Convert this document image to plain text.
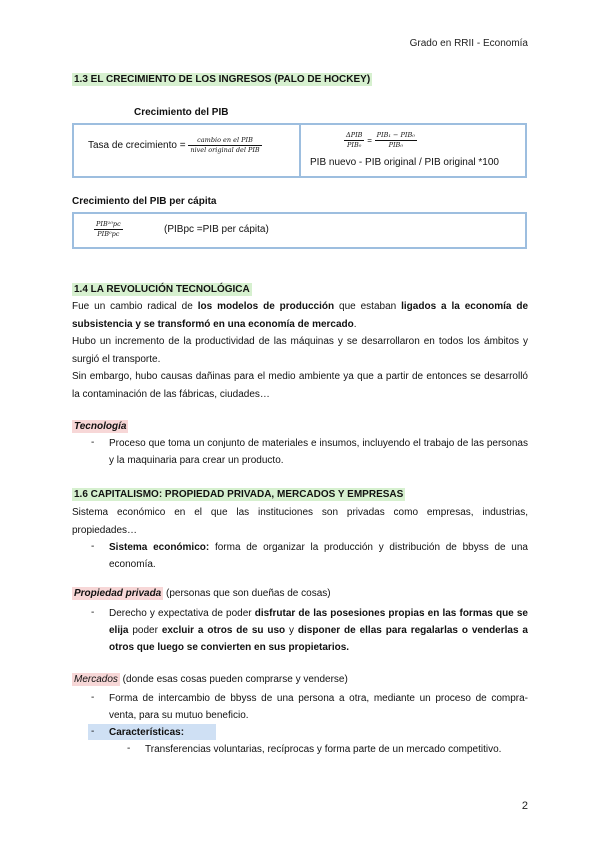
Grado en RRII - Economía
1.3 EL CRECIMIENTO DE LOS INGRESOS (PALO DE HOCKEY)
Crecimiento del PIB
Tasa de crecimiento = $\frac{\text{cambio en el PIB}}{\text{nivel original del PIB}}$	$\frac{\text{ΔPIB}}{\text{PIB₀}} = \frac{\text{PIB₁ − PIB₀}}{\text{PIB₀}}$
PIB nuevo - PIB original / PIB original *100
Crecimiento del PIB per cápita
$\frac{\text{PIB¹⁰pc}}{\text{PIB⁰pc}}$	(PIBpc =PIB per cápita)
1.4 LA REVOLUCIÓN TECNOLÓGICA
Fue un cambio radical de los modelos de producción que estaban ligados a la economía de subsistencia y se transformó en una economía de mercado.
Hubo un incremento de la productividad de las máquinas y se desarrollaron en todos los ámbitos y surgió el transporte.
Sin embargo, hubo causas dañinas para el medio ambiente ya que a partir de entonces se desarrolló la contaminación de las fábricas, ciudades…
Tecnología
- Proceso que toma un conjunto de materiales e insumos, incluyendo el trabajo de las personas y la maquinaria para crear un producto.
1.6 CAPITALISMO: PROPIEDAD PRIVADA, MERCADOS Y EMPRESAS
Sistema económico en el que las instituciones son privadas como empresas, industrias, propiedades…
- Sistema económico: forma de organizar la producción y distribución de bbyss de una economía.
Propiedad privada (personas que son dueñas de cosas)
- Derecho y expectativa de poder disfrutar de las posesiones propias en las formas que se elija poder excluir a otros de su uso y disponer de ellas para regalarlas o venderlas a otros que luego se convierten en sus propietarios.
Mercados (donde esas cosas pueden comprarse y venderse)
- Forma de intercambio de bbyss de una persona a otra, mediante un proceso de compra-venta, para su mutuo beneficio.
- Características:
- Transferencias voluntarias, recíprocas y forma parte de un mercado competitivo.
2
